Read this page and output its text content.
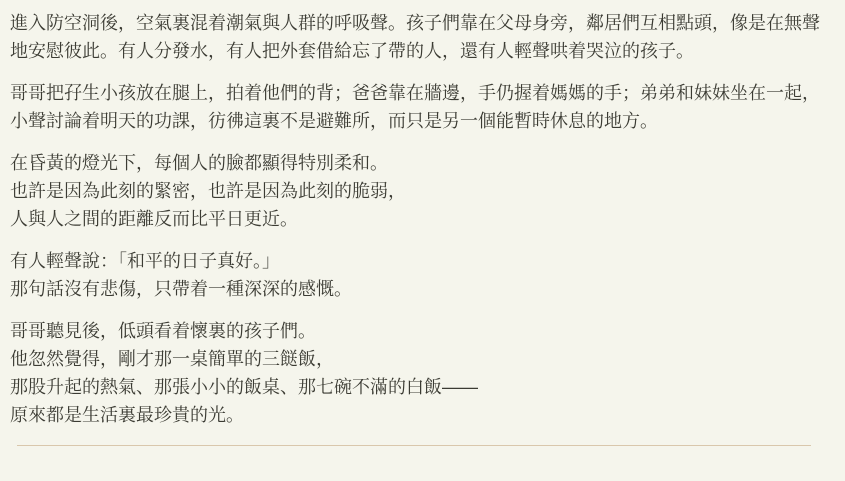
進入防空洞後，空氣裏混着潮氣與人群的呼吸聲。孩子們靠在父母身旁，鄰居們互相點頭，像是在無聲
地安慰彼此。有人分發水，有人把外套借給忘了帶的人，還有人輕聲哄着哭泣的孩子。

哥哥把孖生小孩放在腿上，拍着他們的背；爸爸靠在牆邊，手仍握着媽媽的手；弟弟和妹妹坐在一起，
小聲討論着明天的功課，彷彿這裏不是避難所，而只是另一個能暫時休息的地方。

在昏黃的燈光下，每個人的臉都顯得特別柔和。
也許是因為此刻的緊密，也許是因為此刻的脆弱，
人與人之間的距離反而比平日更近。

有人輕聲說：「和平的日子真好。」
那句話沒有悲傷，只帶着一種深深的感慨。

哥哥聽見後，低頭看着懷裏的孩子們。
他忽然覺得，剛才那一桌簡單的三餸飯，
那股升起的熱氣、那張小小的飯桌、那七碗不滿的白飯——
原來都是生活裏最珍貴的光。
